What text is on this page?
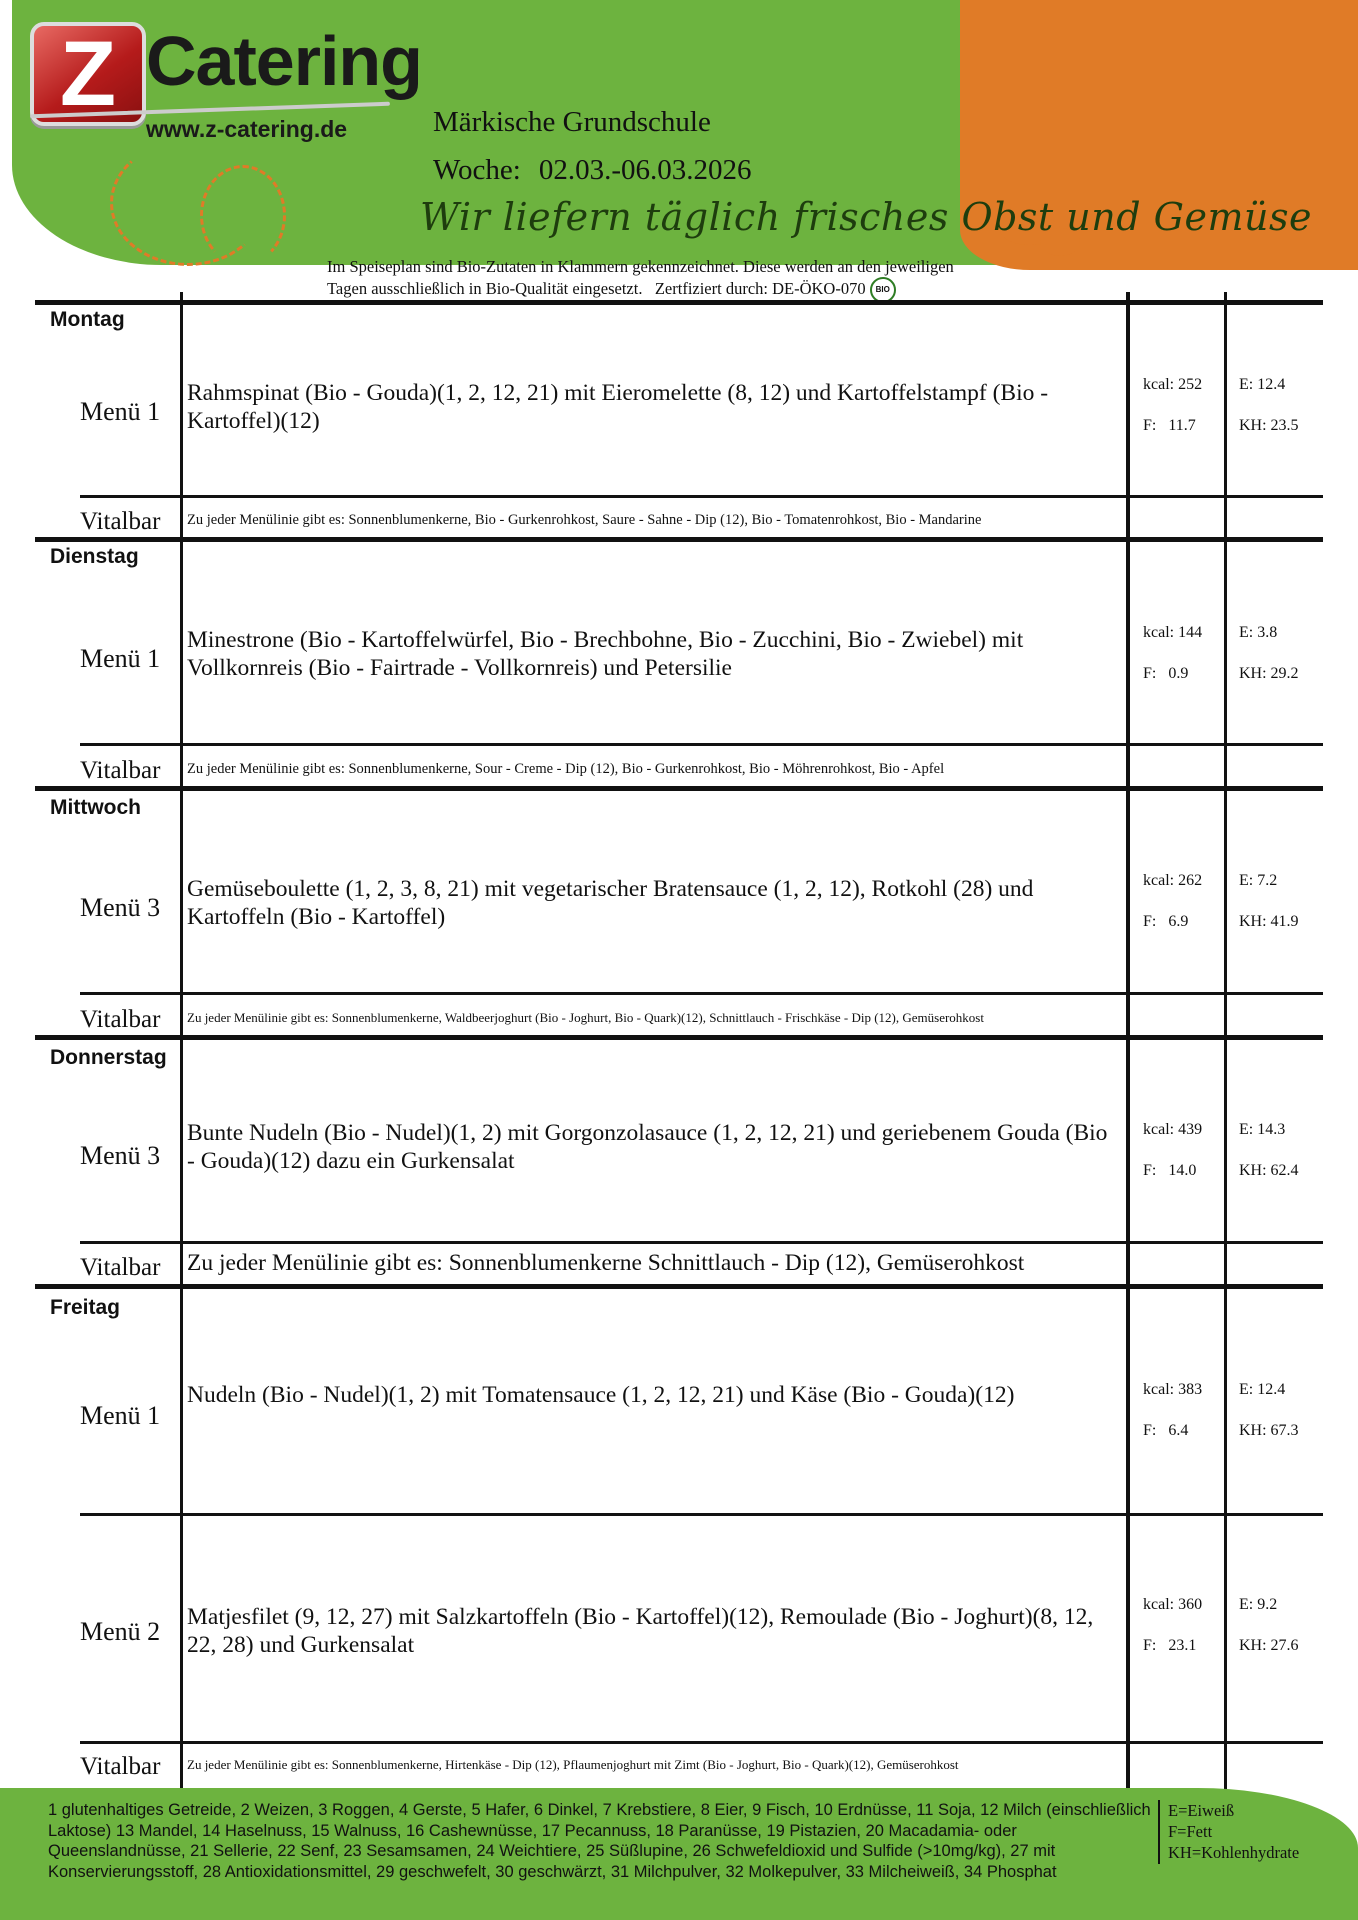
Z Catering
www.z-catering.de	Märkische Grundschule
Woche: 02.03.-06.03.2026
Wir liefern täglich frisches Obst und Gemüse
Im Speiseplan sind Bio-Zutaten in Klammern gekennzeichnet. Diese werden an den jeweiligen
Tagen ausschließlich in Bio-Qualität eingesetzt. Zertfiziert durch: DE-ÖKO-070 BIO
Montag
Menü 1
Rahmspinat (Bio - Gouda)(1, 2, 12, 21) mit Eieromelette (8, 12) und Kartoffelstampf (Bio - Kartoffel)(12)
kcal: 252 E: 12.4
F:   11.7	KH: 23.5
Vitalbar Zu jeder Menülinie gibt es: Sonnenblumenkerne, Bio - Gurkenrohkost, Saure - Sahne - Dip (12), Bio - Tomatenrohkost, Bio - Mandarine
Dienstag
Menü 1
Minestrone (Bio - Kartoffelwürfel, Bio - Brechbohne, Bio - Zucchini, Bio - Zwiebel) mit Vollkornreis (Bio - Fairtrade - Vollkornreis) und Petersilie
kcal: 144 E: 3.8
F:   0.9	KH: 29.2
Vitalbar Zu jeder Menülinie gibt es: Sonnenblumenkerne, Sour - Creme - Dip (12), Bio - Gurkenrohkost, Bio - Möhrenrohkost, Bio - Apfel
Mittwoch
Menü 3
Gemüseboulette (1, 2, 3, 8, 21) mit vegetarischer Bratensauce (1, 2, 12), Rotkohl (28) und Kartoffeln (Bio - Kartoffel)
kcal: 262 E: 7.2
F:   6.9	KH: 41.9
Vitalbar Zu jeder Menülinie gibt es: Sonnenblumenkerne, Waldbeerjoghurt (Bio - Joghurt, Bio - Quark)(12), Schnittlauch - Frischkäse - Dip (12), Gemüserohkost
Donnerstag
Menü 3
Bunte Nudeln (Bio - Nudel)(1, 2) mit Gorgonzolasauce (1, 2, 12, 21) und geriebenem Gouda (Bio - Gouda)(12) dazu ein Gurkensalat
kcal: 439 E: 14.3
F:   14.0	KH: 62.4
Vitalbar Zu jeder Menülinie gibt es: Sonnenblumenkerne Schnittlauch - Dip (12), Gemüserohkost
Freitag
Menü 1
Nudeln (Bio - Nudel)(1, 2) mit Tomatensauce (1, 2, 12, 21) und Käse (Bio - Gouda)(12)	kcal: 383 E: 12.4
F:   6.4	KH: 67.3
Menü 2 Matjesfilet (9, 12, 27) mit Salzkartoffeln (Bio - Kartoffel)(12), Remoulade (Bio - Joghurt)(8, 12, 22, 28) und Gurkensalat
kcal: 360 E: 9.2
F:   23.1	KH: 27.6
Vitalbar Zu jeder Menülinie gibt es: Sonnenblumenkerne, Hirtenkäse - Dip (12), Pflaumenjoghurt mit Zimt (Bio - Joghurt, Bio - Quark)(12), Gemüserohkost
1 glutenhaltiges Getreide, 2 Weizen, 3 Roggen, 4 Gerste, 5 Hafer, 6 Dinkel, 7 Krebstiere, 8 Eier, 9 Fisch, 10 Erdnüsse, 11 Soja, 12 Milch (einschließlich Laktose) 13 Mandel, 14 Haselnuss, 15 Walnuss, 16 Cashewnüsse, 17 Pecannuss, 18 Paranüsse, 19 Pistazien, 20 Macadamia- oder Queenslandnüsse, 21 Sellerie, 22 Senf, 23 Sesamsamen, 24 Weichtiere, 25 Süßlupine, 26 Schwefeldioxid und Sulfide (>10mg/kg), 27 mit Konservierungsstoff, 28 Antioxidationsmittel, 29 geschwefelt, 30 geschwärzt, 31 Milchpulver, 32 Molkepulver, 33 Milcheiweiß, 34 Phosphat
E=Eiweiß
F=Fett
KH=Kohlenhydrate
